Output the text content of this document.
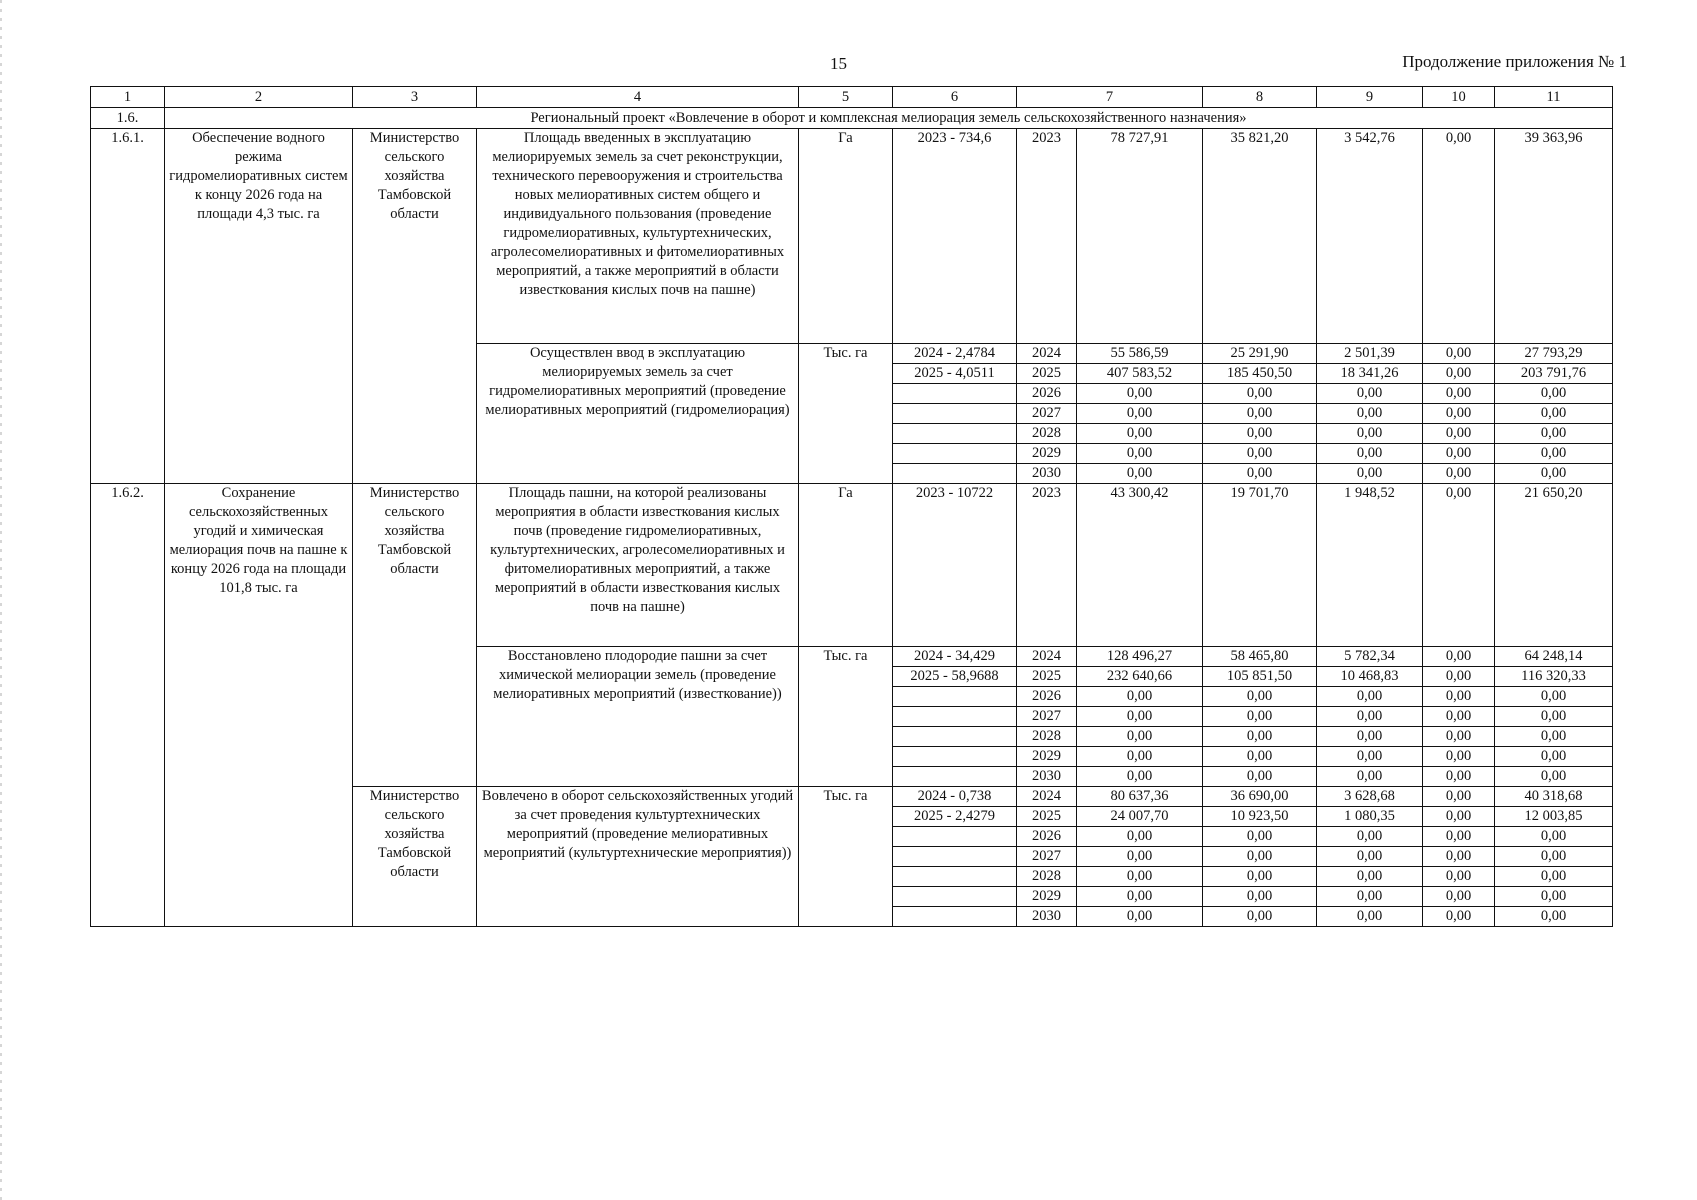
15	Продолжение приложения № 1
1	2	3	4	5	6	7		8	9	10	11
1.6.	Региональный проект «Вовлечение в оборот и комплексная мелиорация земель сельскохозяйственного назначения»										
1.6.1.	Обеспечение водного режима гидромелиоративных систем к концу 2026 года на площади 4,3 тыс. га	Министерство сельского хозяйства Тамбовской области	Площадь введенных в эксплуатацию мелиорируемых земель за счет реконструкции, технического перевооружения и строительства новых мелиоративных систем общего и индивидуального пользования (проведение гидромелиоративных, культуртехнических, агролесомелиоративных и фитомелиоративных мероприятий, а также мероприятий в области известкования кислых почв на пашне)	Га	2023 - 734,6	2023	78 727,91	35 821,20	3 542,76	0,00	39 363,96
			Осуществлен ввод в эксплуатацию мелиорируемых земель за счет гидромелиоративных мероприятий (проведение мелиоративных мероприятий (гидромелиорация)	Тыс. га	2024 - 2,4784	2024	55 586,59	25 291,90	2 501,39	0,00	27 793,29
					2025 - 4,0511	2025	407 583,52	185 450,50	18 341,26	0,00	203 791,76
						2026	0,00	0,00	0,00	0,00	0,00
						2027	0,00	0,00	0,00	0,00	0,00
						2028	0,00	0,00	0,00	0,00	0,00
						2029	0,00	0,00	0,00	0,00	0,00
						2030	0,00	0,00	0,00	0,00	0,00
1.6.2.	Сохранение сельскохозяйственных угодий и химическая мелиорация почв на пашне к концу 2026 года на площади 101,8 тыс. га	Министерство сельского хозяйства Тамбовской области	Площадь пашни, на которой реализованы мероприятия в области известкования кислых почв (проведение гидромелиоративных, культуртехнических, агролесомелиоративных и фитомелиоративных мероприятий, а также мероприятий в области известкования кислых почв на пашне)	Га	2023 - 10722	2023	43 300,42	19 701,70	1 948,52	0,00	21 650,20
			Восстановлено плодородие пашни за счет химической мелиорации земель (проведение мелиоративных мероприятий (известкование))	Тыс. га	2024 - 34,429	2024	128 496,27	58 465,80	5 782,34	0,00	64 248,14
					2025 - 58,9688	2025	232 640,66	105 851,50	10 468,83	0,00	116 320,33
						2026	0,00	0,00	0,00	0,00	0,00
						2027	0,00	0,00	0,00	0,00	0,00
						2028	0,00	0,00	0,00	0,00	0,00
						2029	0,00	0,00	0,00	0,00	0,00
						2030	0,00	0,00	0,00	0,00	0,00
		Министерство сельского хозяйства Тамбовской области	Вовлечено в оборот сельскохозяйственных угодий за счет проведения культуртехнических мероприятий (проведение мелиоративных мероприятий (культуртехнические мероприятия))	Тыс. га	2024 - 0,738	2024	80 637,36	36 690,00	3 628,68	0,00	40 318,68
					2025 - 2,4279	2025	24 007,70	10 923,50	1 080,35	0,00	12 003,85
						2026	0,00	0,00	0,00	0,00	0,00
						2027	0,00	0,00	0,00	0,00	0,00
						2028	0,00	0,00	0,00	0,00	0,00
						2029	0,00	0,00	0,00	0,00	0,00
						2030	0,00	0,00	0,00	0,00	0,00
